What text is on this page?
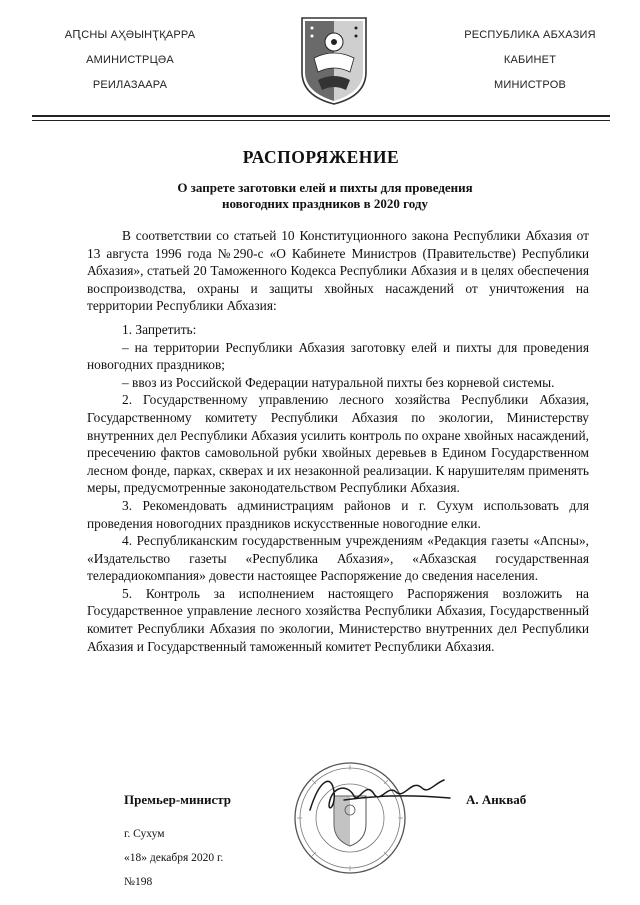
АԤСНЫ АҲӘЫНҬҚАРРА
АМИНИСТРЦӘА
РЕИЛАЗААРА
РЕСПУБЛИКА АБХАЗИЯ
КАБИНЕТ
МИНИСТРОВ
РАСПОРЯЖЕНИЕ
О запрете заготовки елей и пихты для проведения
новогодних праздников в 2020 году

В соответствии со статьей 10 Конституционного закона Республики Абхазия от 13 августа 1996 года №290-с «О Кабинете Министров (Правительстве) Республики Абхазия», статьей 20 Таможенного Кодекса Республики Абхазия и в целях обеспечения воспроизводства, охраны и защиты хвойных насаждений от уничтожения на территории Республики Абхазия:

1. Запретить:

– на территории Республики Абхазия заготовку елей и пихты для проведения новогодних праздников;

– ввоз из Российской Федерации натуральной пихты без корневой системы.

2. Государственному управлению лесного хозяйства Республики Абхазия, Государственному комитету Республики Абхазия по экологии, Министерству внутренних дел Республики Абхазия усилить контроль по охране хвойных насаждений, пресечению фактов самовольной рубки хвойных деревьев в Едином Государственном лесном фонде, парках, скверах и их незаконной реализации. К нарушителям применять меры, предусмотренные законодательством Республики Абхазия.

3. Рекомендовать администрациям районов и г. Сухум использовать для проведения новогодних праздников искусственные новогодние елки.

4. Республиканским государственным учреждениям «Редакция газеты «Апсны», «Издательство газеты «Республика Абхазия», «Абхазская государственная телерадиокомпания» довести настоящее Распоряжение до сведения населения.

5. Контроль за исполнением настоящего Распоряжения возложить на Государственное управление лесного хозяйства Республики Абхазия, Государственный комитет Республики Абхазия по экологии, Министерство внутренних дел Республики Абхазия и Государственный таможенный комитет Республики Абхазия.

Премьер-министр	А. Анкваб
г. Сухум
«18» декабря 2020 г.
№198
